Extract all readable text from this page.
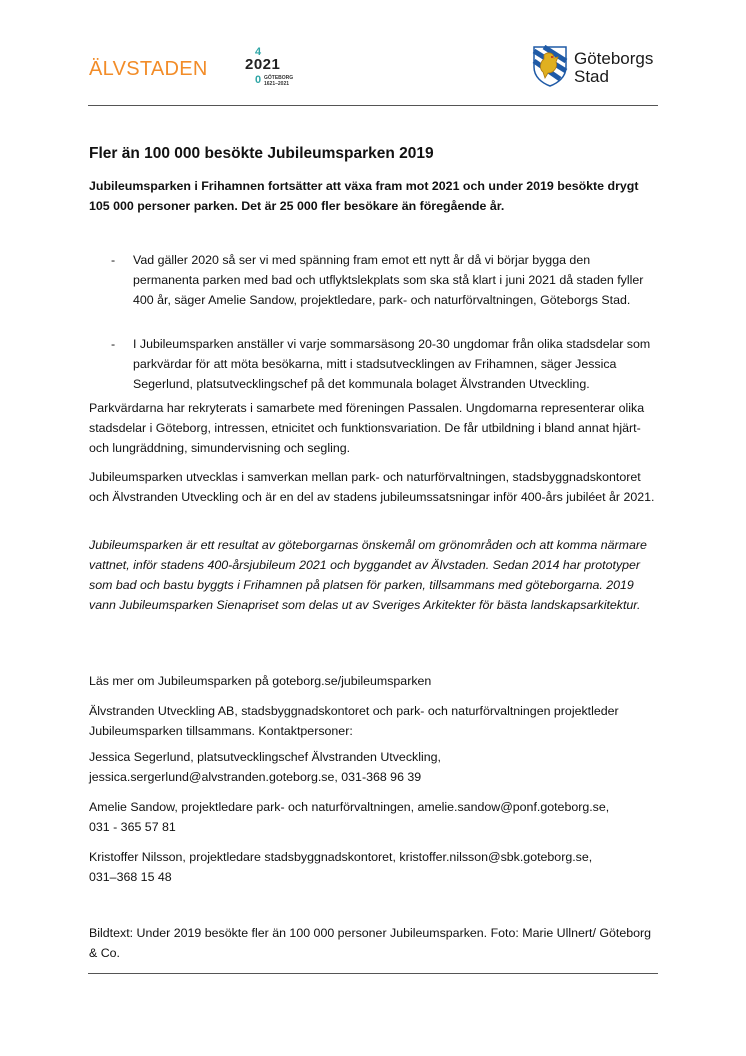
ÄLVSTADEN
4
2021
0 GÖTEBORG
1621–2021
Göteborgs
Stad
Fler än 100 000 besökte Jubileumsparken 2019

Jubileumsparken i Frihamnen fortsätter att växa fram mot 2021 och under 2019 besökte drygt 105 000 personer parken. Det är 25 000 fler besökare än föregående år.

- Vad gäller 2020 så ser vi med spänning fram emot ett nytt år då vi börjar bygga den permanenta parken med bad och utflyktslekplats som ska stå klart i juni 2021 då staden fyller 400 år, säger Amelie Sandow, projektledare, park- och naturförvaltningen, Göteborgs Stad.

- I Jubileumsparken anställer vi varje sommarsäsong 20-30 ungdomar från olika stadsdelar som parkvärdar för att möta besökarna, mitt i stadsutvecklingen av Frihamnen, säger Jessica Segerlund, platsutvecklingschef på det kommunala bolaget Älvstranden Utveckling.

Parkvärdarna har rekryterats i samarbete med föreningen Passalen. Ungdomarna representerar olika stadsdelar i Göteborg, intressen, etnicitet och funktionsvariation. De får utbildning i bland annat hjärt- och lungräddning, simundervisning och segling.

Jubileumsparken utvecklas i samverkan mellan park- och naturförvaltningen, stadsbyggnadskontoret och Älvstranden Utveckling och är en del av stadens jubileumssatsningar inför 400-års jubiléet år 2021.

Jubileumsparken är ett resultat av göteborgarnas önskemål om grönområden och att komma närmare vattnet, inför stadens 400-årsjubileum 2021 och byggandet av Älvstaden. Sedan 2014 har prototyper som bad och bastu byggts i Frihamnen på platsen för parken, tillsammans med göteborgarna. 2019 vann Jubileumsparken Sienapriset som delas ut av Sveriges Arkitekter för bästa landskapsarkitektur.

Läs mer om Jubileumsparken på goteborg.se/jubileumsparken

Älvstranden Utveckling AB, stadsbyggnadskontoret och park- och naturförvaltningen projektleder Jubileumsparken tillsammans. Kontaktpersoner:

Jessica Segerlund, platsutvecklingschef Älvstranden Utveckling,
jessica.sergerlund@alvstranden.goteborg.se, 031-368 96 39
Amelie Sandow, projektledare park- och naturförvaltningen, amelie.sandow@ponf.goteborg.se,
031 - 365 57 81
Kristoffer Nilsson, projektledare stadsbyggnadskontoret, kristoffer.nilsson@sbk.goteborg.se,
031–368 15 48

Bildtext: Under 2019 besökte fler än 100 000 personer Jubileumsparken. Foto: Marie Ullnert/ Göteborg & Co.
